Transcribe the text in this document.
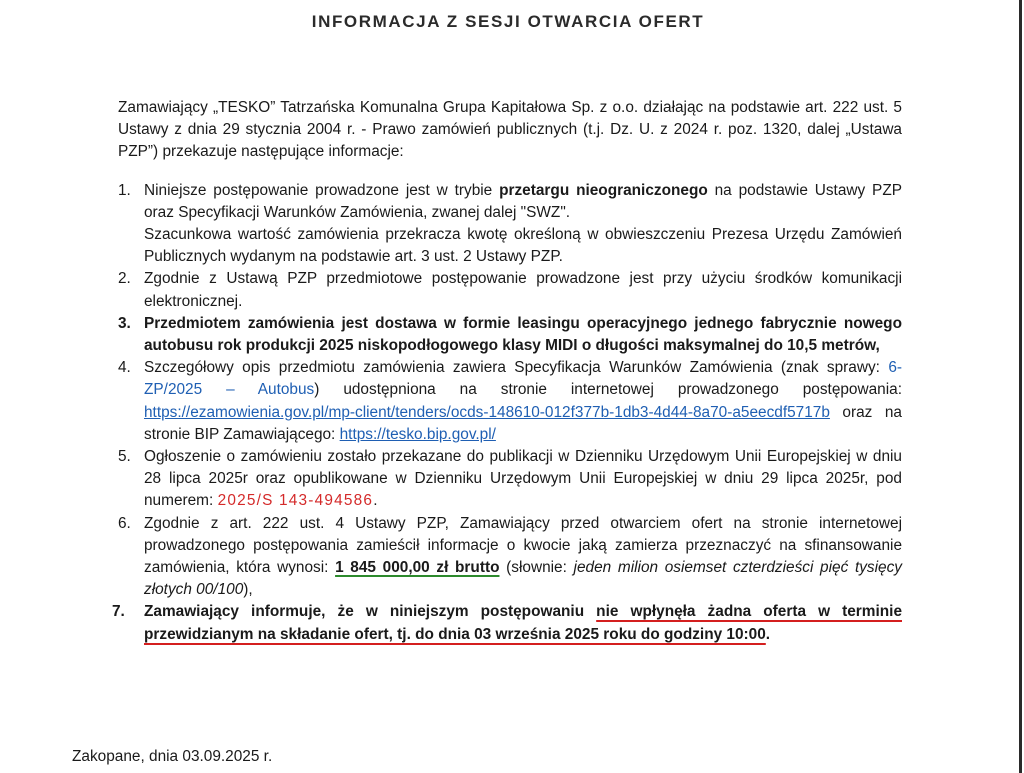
INFORMACJA Z SESJI OTWARCIA OFERT

Zamawiający „TESKO” Tatrzańska Komunalna Grupa Kapitałowa Sp. z o.o. działając na podstawie art. 222 ust. 5 Ustawy z dnia 29 stycznia 2004 r. - Prawo zamówień publicznych (t.j. Dz. U. z 2024 r. poz. 1320, dalej „Ustawa PZP”) przekazuje następujące informacje:

1. Niniejsze postępowanie prowadzone jest w trybie przetargu nieograniczonego na podstawie Ustawy PZP oraz Specyfikacji Warunków Zamówienia, zwanej dalej "SWZ".
Szacunkowa wartość zamówienia przekracza kwotę określoną w obwieszczeniu Prezesa Urzędu Zamówień Publicznych wydanym na podstawie art. 3 ust. 2 Ustawy PZP.
2. Zgodnie z Ustawą PZP przedmiotowe postępowanie prowadzone jest przy użyciu środków komunikacji elektronicznej.
3. Przedmiotem zamówienia jest dostawa w formie leasingu operacyjnego jednego fabrycznie nowego autobusu rok produkcji 2025 niskopodłogowego klasy MIDI o długości maksymalnej do 10,5 metrów,
4. Szczegółowy opis przedmiotu zamówienia zawiera Specyfikacja Warunków Zamówienia (znak sprawy: 6-ZP/2025 – Autobus) udostępniona na stronie internetowej prowadzonego postępowania: https://ezamowienia.gov.pl/mp-client/tenders/ocds-148610-012f377b-1db3-4d44-8a70-a5eecdf5717b oraz na stronie BIP Zamawiającego: https://tesko.bip.gov.pl/
5. Ogłoszenie o zamówieniu zostało przekazane do publikacji w Dzienniku Urzędowym Unii Europejskiej w dniu 28 lipca 2025r oraz opublikowane w Dzienniku Urzędowym Unii Europejskiej w dniu 29 lipca 2025r, pod numerem: 2025/S 143-494586.
6. Zgodnie z art. 222 ust. 4 Ustawy PZP, Zamawiający przed otwarciem ofert na stronie internetowej prowadzonego postępowania zamieścił informacje o kwocie jaką zamierza przeznaczyć na sfinansowanie zamówienia, która wynosi: 1 845 000,00 zł brutto (słownie: jeden milion osiemset czterdzieści pięć tysięcy złotych 00/100),
7. Zamawiający informuje, że w niniejszym postępowaniu nie wpłynęła żadna oferta w terminie przewidzianym na składanie ofert, tj. do dnia 03 września 2025 roku do godziny 10:00.
Zakopane, dnia 03.09.2025 r.
